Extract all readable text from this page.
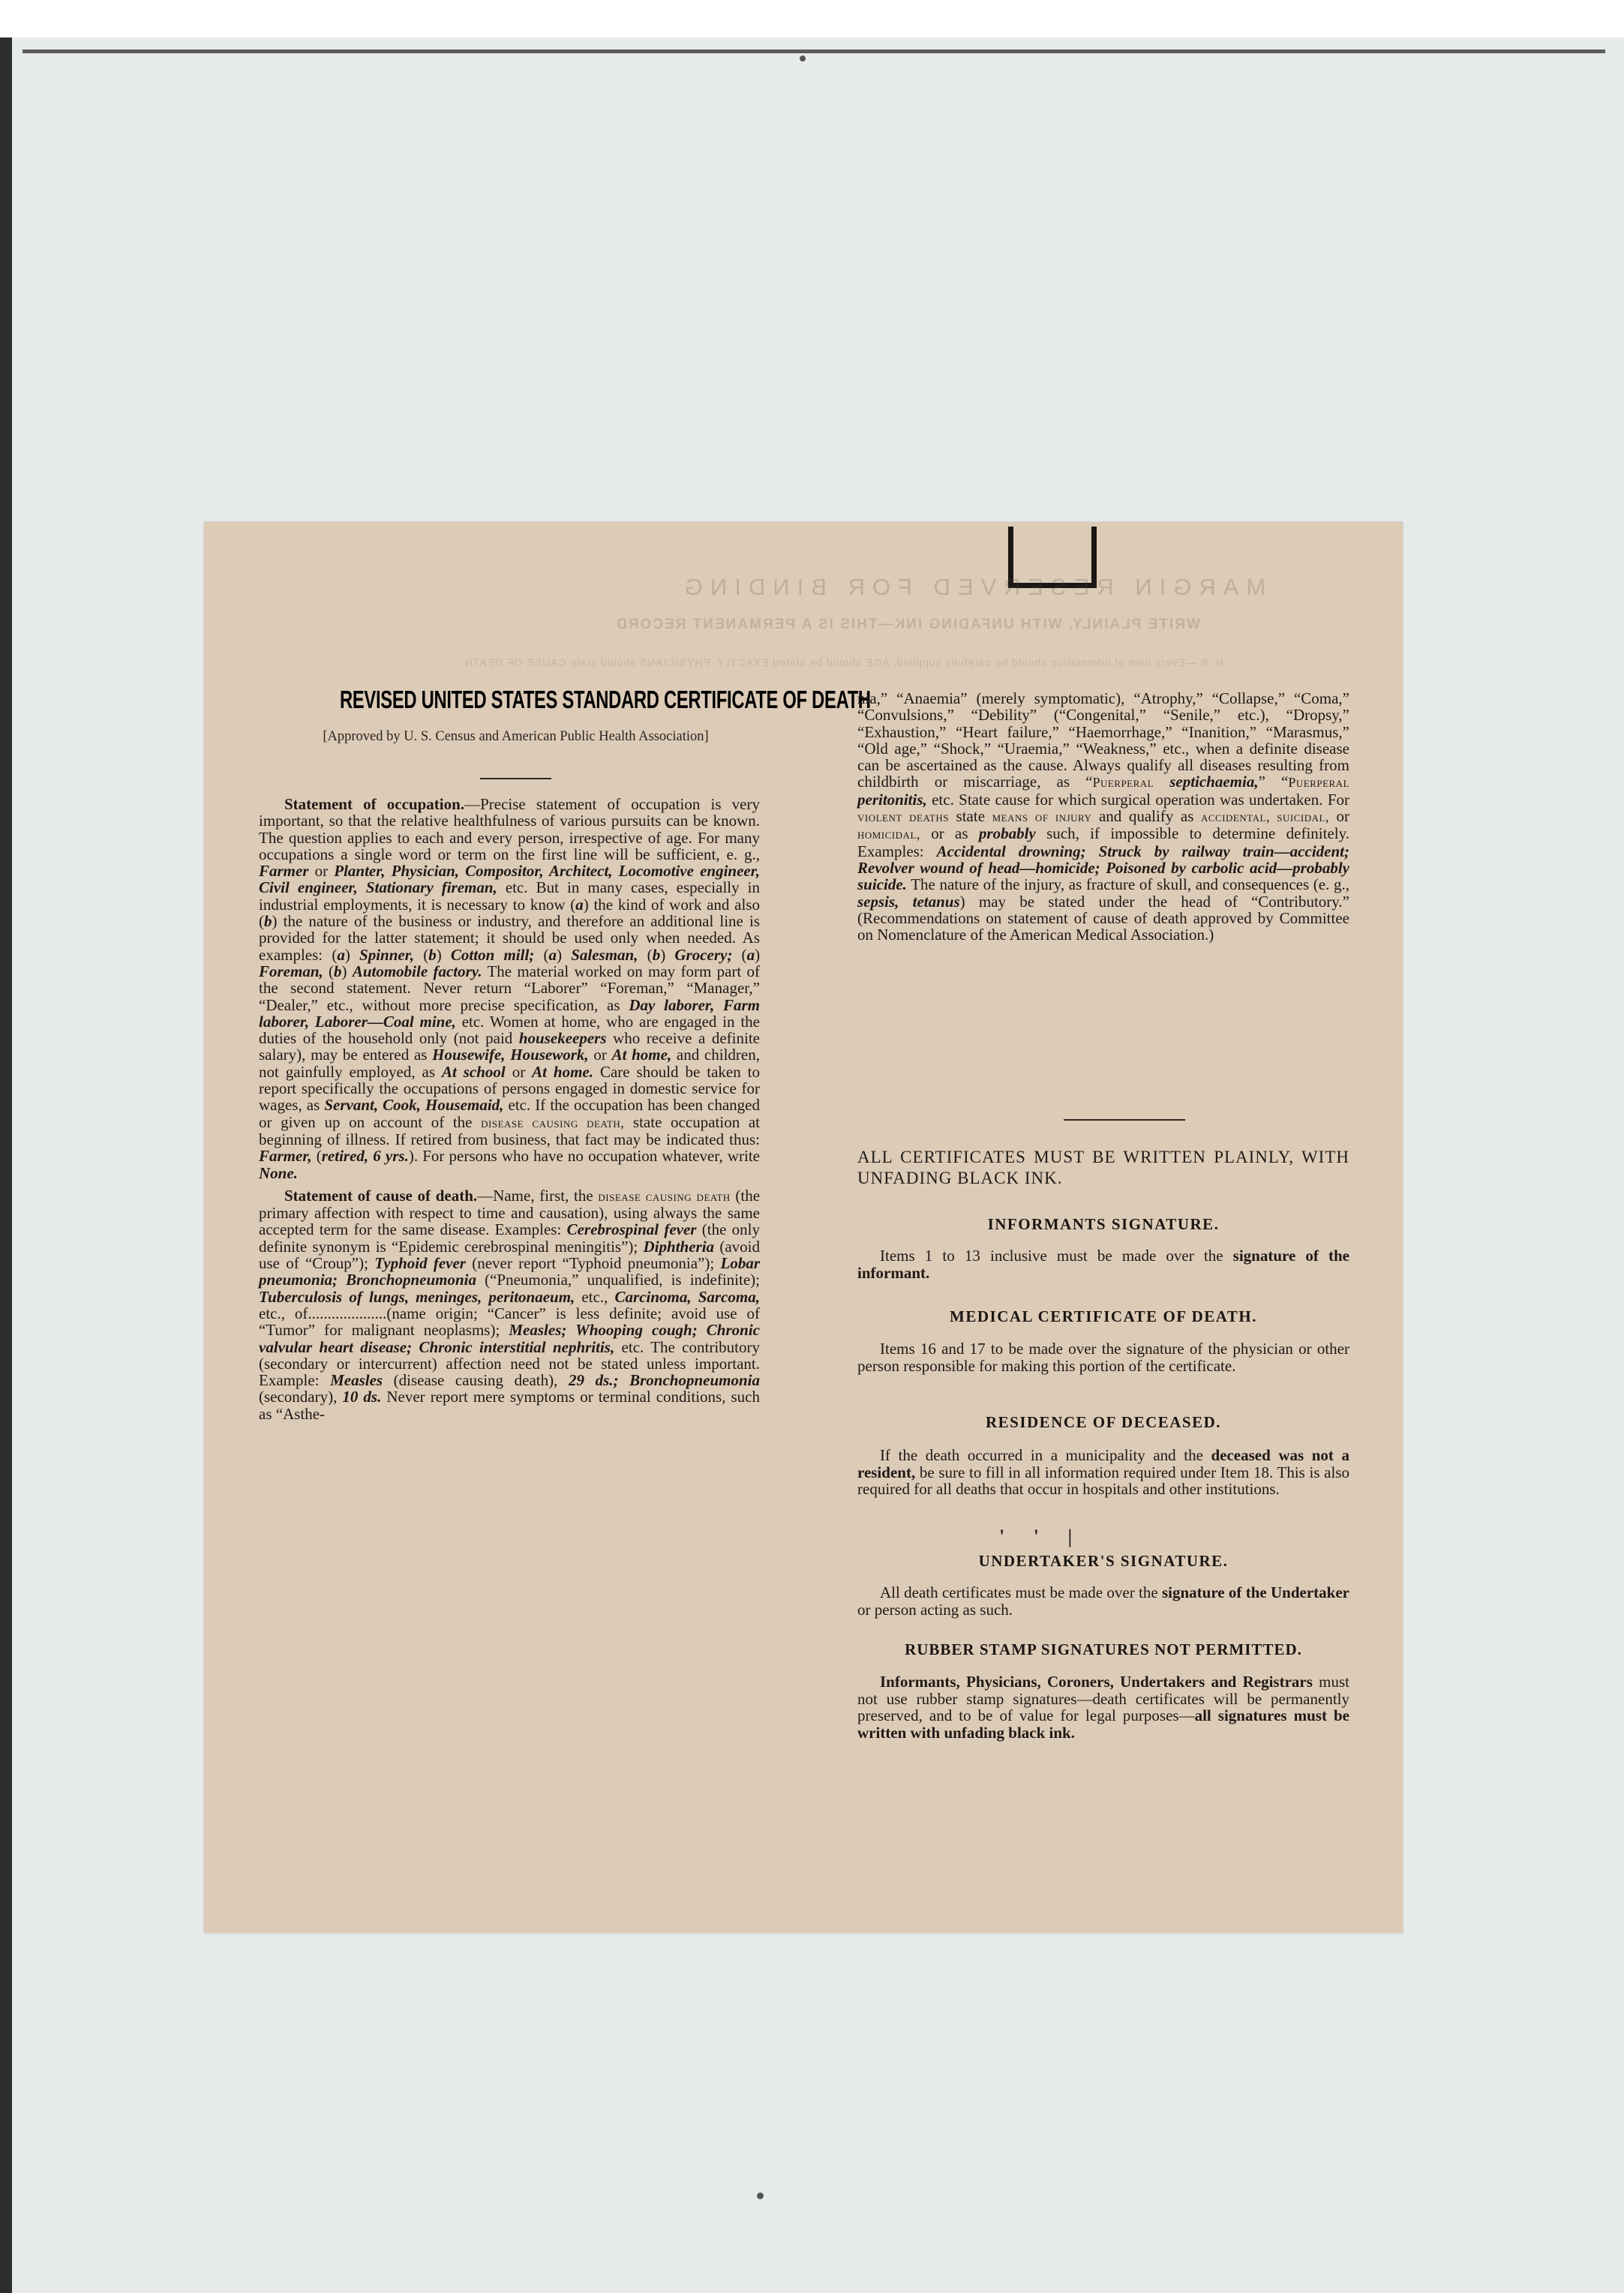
MARGIN RESERVED FOR BINDING
WRITE PLAINLY, WITH UNFADING INK—THIS IS A PERMANENT RECORD
N. B.—Every item of information should be carefully supplied. AGE should be stated EXACTLY. PHYSICIANS should state CAUSE OF DEATH
REVISED UNITED STATES STANDARD CERTIFICATE OF DEATH
[Approved by U. S. Census and American Public Health Association]

Statement of occupation.—Precise statement of occupation is very important, so that the relative healthfulness of various pursuits can be known. The question applies to each and every person, irrespective of age. For many occupations a single word or term on the first line will be sufficient, e. g., Farmer or Planter, Physician, Compositor, Architect, Locomotive engineer, Civil engineer, Stationary fireman, etc. But in many cases, especially in industrial employments, it is necessary to know (a) the kind of work and also (b) the nature of the business or industry, and therefore an additional line is provided for the latter statement; it should be used only when needed. As examples: (a) Spinner, (b) Cotton mill; (a) Salesman, (b) Grocery; (a) Foreman, (b) Automobile factory. The material worked on may form part of the second statement. Never return “Laborer” “Foreman,” “Manager,” “Dealer,” etc., without more precise specification, as Day laborer, Farm laborer, Laborer—Coal mine, etc. Women at home, who are engaged in the duties of the household only (not paid housekeepers who receive a definite salary), may be entered as Housewife, Housework, or At home, and children, not gainfully employed, as At school or At home. Care should be taken to report specifically the occupations of persons engaged in domestic service for wages, as Servant, Cook, Housemaid, etc. If the occupation has been changed or given up on account of the disease causing death, state occupation at beginning of illness. If retired from business, that fact may be indicated thus: Farmer, (retired, 6 yrs.). For persons who have no occupation whatever, write None.

Statement of cause of death.—Name, first, the disease causing death (the primary affection with respect to time and causation), using always the same accepted term for the same disease. Examples: Cerebrospinal fever (the only definite synonym is “Epidemic cerebrospinal meningitis”); Diphtheria (avoid use of “Croup”); Typhoid fever (never report “Typhoid pneumonia”); Lobar pneumonia; Bronchopneumonia (“Pneumonia,” unqualified, is indefinite); Tuberculosis of lungs, meninges, peritonaeum, etc., Carcinoma, Sarcoma, etc., of....................(name origin; “Cancer” is less definite; avoid use of “Tumor” for malignant neoplasms); Measles; Whooping cough; Chronic valvular heart disease; Chronic interstitial nephritis, etc. The contributory (secondary or intercurrent) affection need not be stated unless important. Example: Measles (disease causing death), 29 ds.; Bronchopneumonia (secondary), 10 ds. Never report mere symptoms or terminal conditions, such as “Asthe-

nia,” “Anaemia” (merely symptomatic), “Atrophy,” “Collapse,” “Coma,” “Convulsions,” “Debility” (“Congenital,” “Senile,” etc.), “Dropsy,” “Exhaustion,” “Heart failure,” “Haemorrhage,” “Inanition,” “Marasmus,” “Old age,” “Shock,” “Uraemia,” “Weakness,” etc., when a definite disease can be ascertained as the cause. Always qualify all diseases resulting from childbirth or miscarriage, as “Puerperal septichaemia,” “Puerperal peritonitis, etc. State cause for which surgical operation was undertaken. For violent deaths state means of injury and qualify as accidental, suicidal, or homicidal, or as probably such, if impossible to determine definitely. Examples: Accidental drowning; Struck by railway train—accident; Revolver wound of head—homicide; Poisoned by carbolic acid—probably suicide. The nature of the injury, as fracture of skull, and consequences (e. g., sepsis, tetanus) may be stated under the head of “Contributory.” (Recommendations on statement of cause of death approved by Committee on Nomenclature of the American Medical Association.)

ALL CERTIFICATES MUST BE WRITTEN PLAINLY, WITH UNFADING BLACK INK.
INFORMANTS SIGNATURE.
Items 1 to 13 inclusive must be made over the signature of the informant.
MEDICAL CERTIFICATE OF DEATH.
Items 16 and 17 to be made over the signature of the physician or other person responsible for making this portion of the certificate.
RESIDENCE OF DECEASED.
If the death occurred in a municipality and the deceased was not a resident, be sure to fill in all information required under Item 18. This is also required for all deaths that occur in hospitals and other institutions.
' ' |
UNDERTAKER'S SIGNATURE.
All death certificates must be made over the signature of the Undertaker or person acting as such.
RUBBER STAMP SIGNATURES NOT PERMITTED.
Informants, Physicians, Coroners, Undertakers and Registrars must not use rubber stamp signatures—death certificates will be permanently preserved, and to be of value for legal purposes—all signatures must be written with unfading black ink.
